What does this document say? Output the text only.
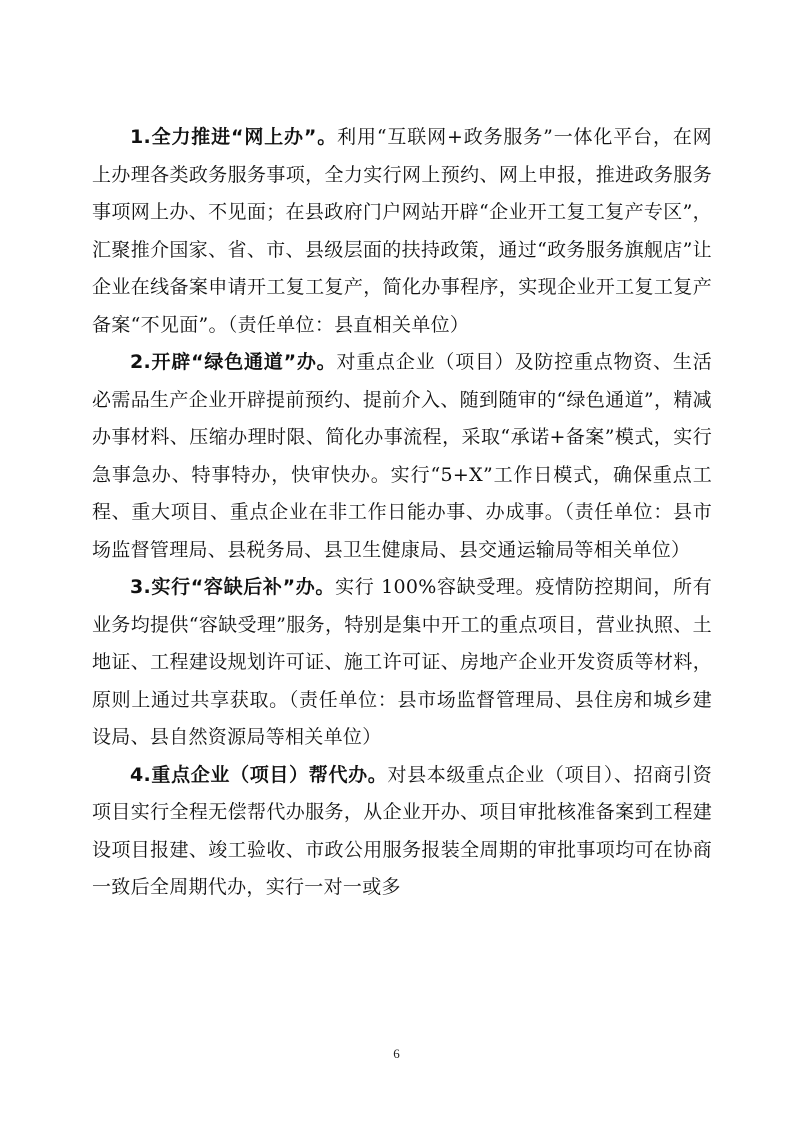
1.全力推进“网上办”。利用“互联网+政务服务”一体化平台，在网上办理各类政务服务事项，全力实行网上预约、网上申报，推进政务服务事项网上办、不见面；在县政府门户网站开辟“企业开工复工复产专区”，汇聚推介国家、省、市、县级层面的扶持政策，通过“政务服务旗舰店”让企业在线备案申请开工复工复产，简化办事程序，实现企业开工复工复产备案“不见面”。（责任单位：县直相关单位）

2.开辟“绿色通道”办。对重点企业（项目）及防控重点物资、生活必需品生产企业开辟提前预约、提前介入、随到随审的“绿色通道”，精减办事材料、压缩办理时限、简化办事流程，采取“承诺+备案”模式，实行急事急办、特事特办，快审快办。实行“5+X”工作日模式，确保重点工程、重大项目、重点企业在非工作日能办事、办成事。（责任单位：县市场监督管理局、县税务局、县卫生健康局、县交通运输局等相关单位）

3.实行“容缺后补”办。实行 100%容缺受理。疫情防控期间，所有业务均提供“容缺受理”服务，特别是集中开工的重点项目，营业执照、土地证、工程建设规划许可证、施工许可证、房地产企业开发资质等材料，原则上通过共享获取。（责任单位：县市场监督管理局、县住房和城乡建设局、县自然资源局等相关单位）

4.重点企业（项目）帮代办。对县本级重点企业（项目）、招商引资项目实行全程无偿帮代办服务，从企业开办、项目审批核准备案到工程建设项目报建、竣工验收、市政公用服务报装全周期的审批事项均可在协商一致后全周期代办，实行一对一或多

6
